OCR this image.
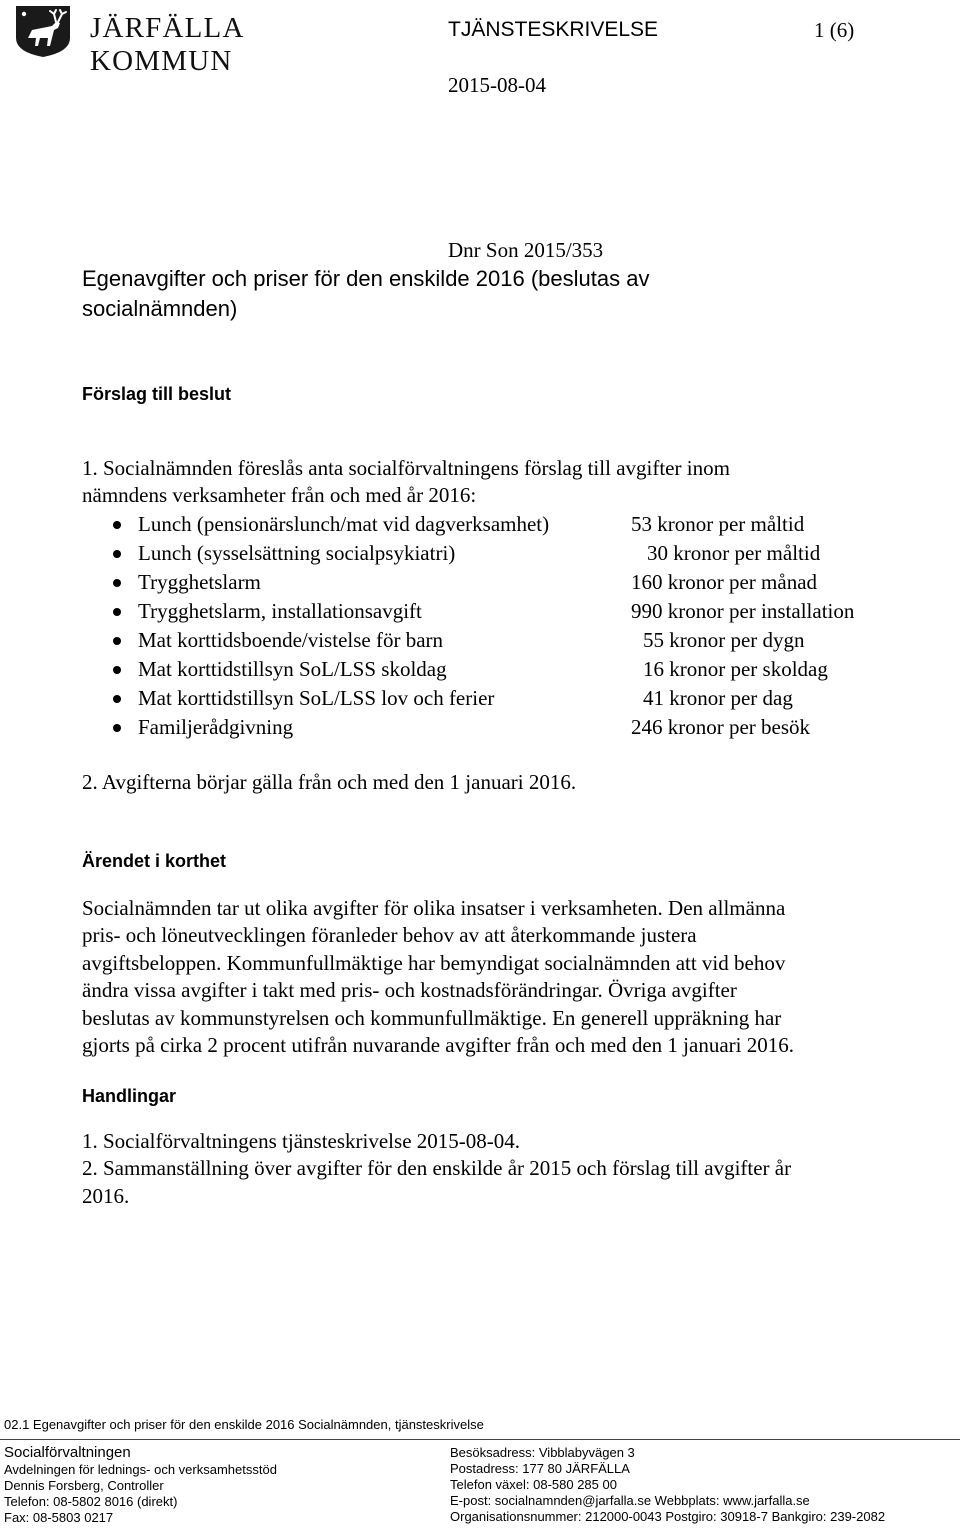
JÄRFÄLLA KOMMUN
TJÄNSTESKRIVELSE	1 (6)
2015-08-04
Dnr Son 2015/353
Egenavgifter och priser för den enskilde 2016 (beslutas av
socialnämnden)
Förslag till beslut
1. Socialnämnden föreslås anta socialförvaltningens förslag till avgifter inom
nämndens verksamheter från och med år 2016:
Lunch (pensionärslunch/mat vid dagverksamhet)	53 kronor per måltid
Lunch (sysselsättning socialpsykiatri)	30 kronor per måltid
Trygghetslarm	160 kronor per månad
Trygghetslarm, installationsavgift	990 kronor per installation
Mat korttidsboende/vistelse för barn	55 kronor per dygn
Mat korttidstillsyn SoL/LSS skoldag	16 kronor per skoldag
Mat korttidstillsyn SoL/LSS lov och ferier	41 kronor per dag
Familjerådgivning	246 kronor per besök
2. Avgifterna börjar gälla från och med den 1 januari 2016.
Ärendet i korthet
Socialnämnden tar ut olika avgifter för olika insatser i verksamheten. Den allmänna
pris- och löneutvecklingen föranleder behov av att återkommande justera
avgiftsbeloppen. Kommunfullmäktige har bemyndigat socialnämnden att vid behov
ändra vissa avgifter i takt med pris- och kostnadsförändringar. Övriga avgifter
beslutas av kommunstyrelsen och kommunfullmäktige. En generell uppräkning har
gjorts på cirka 2 procent utifrån nuvarande avgifter från och med den 1 januari 2016.
Handlingar
1. Socialförvaltningens tjänsteskrivelse 2015-08-04.
2. Sammanställning över avgifter för den enskilde år 2015 och förslag till avgifter år
2016.
02.1 Egenavgifter och priser för den enskilde 2016 Socialnämnden, tjänsteskrivelse
Socialförvaltningen
Avdelningen för lednings- och verksamhetsstöd
Dennis Forsberg, Controller
Telefon: 08-5802 8016 (direkt)
Fax: 08-5803 0217
Besöksadress: Vibblabyvägen 3
Postadress: 177 80 JÄRFÄLLA
Telefon växel: 08-580 285 00
E-post: socialnamnden@jarfalla.se Webbplats: www.jarfalla.se
Organisationsnummer: 212000-0043 Postgiro: 30918-7 Bankgiro: 239-2082
